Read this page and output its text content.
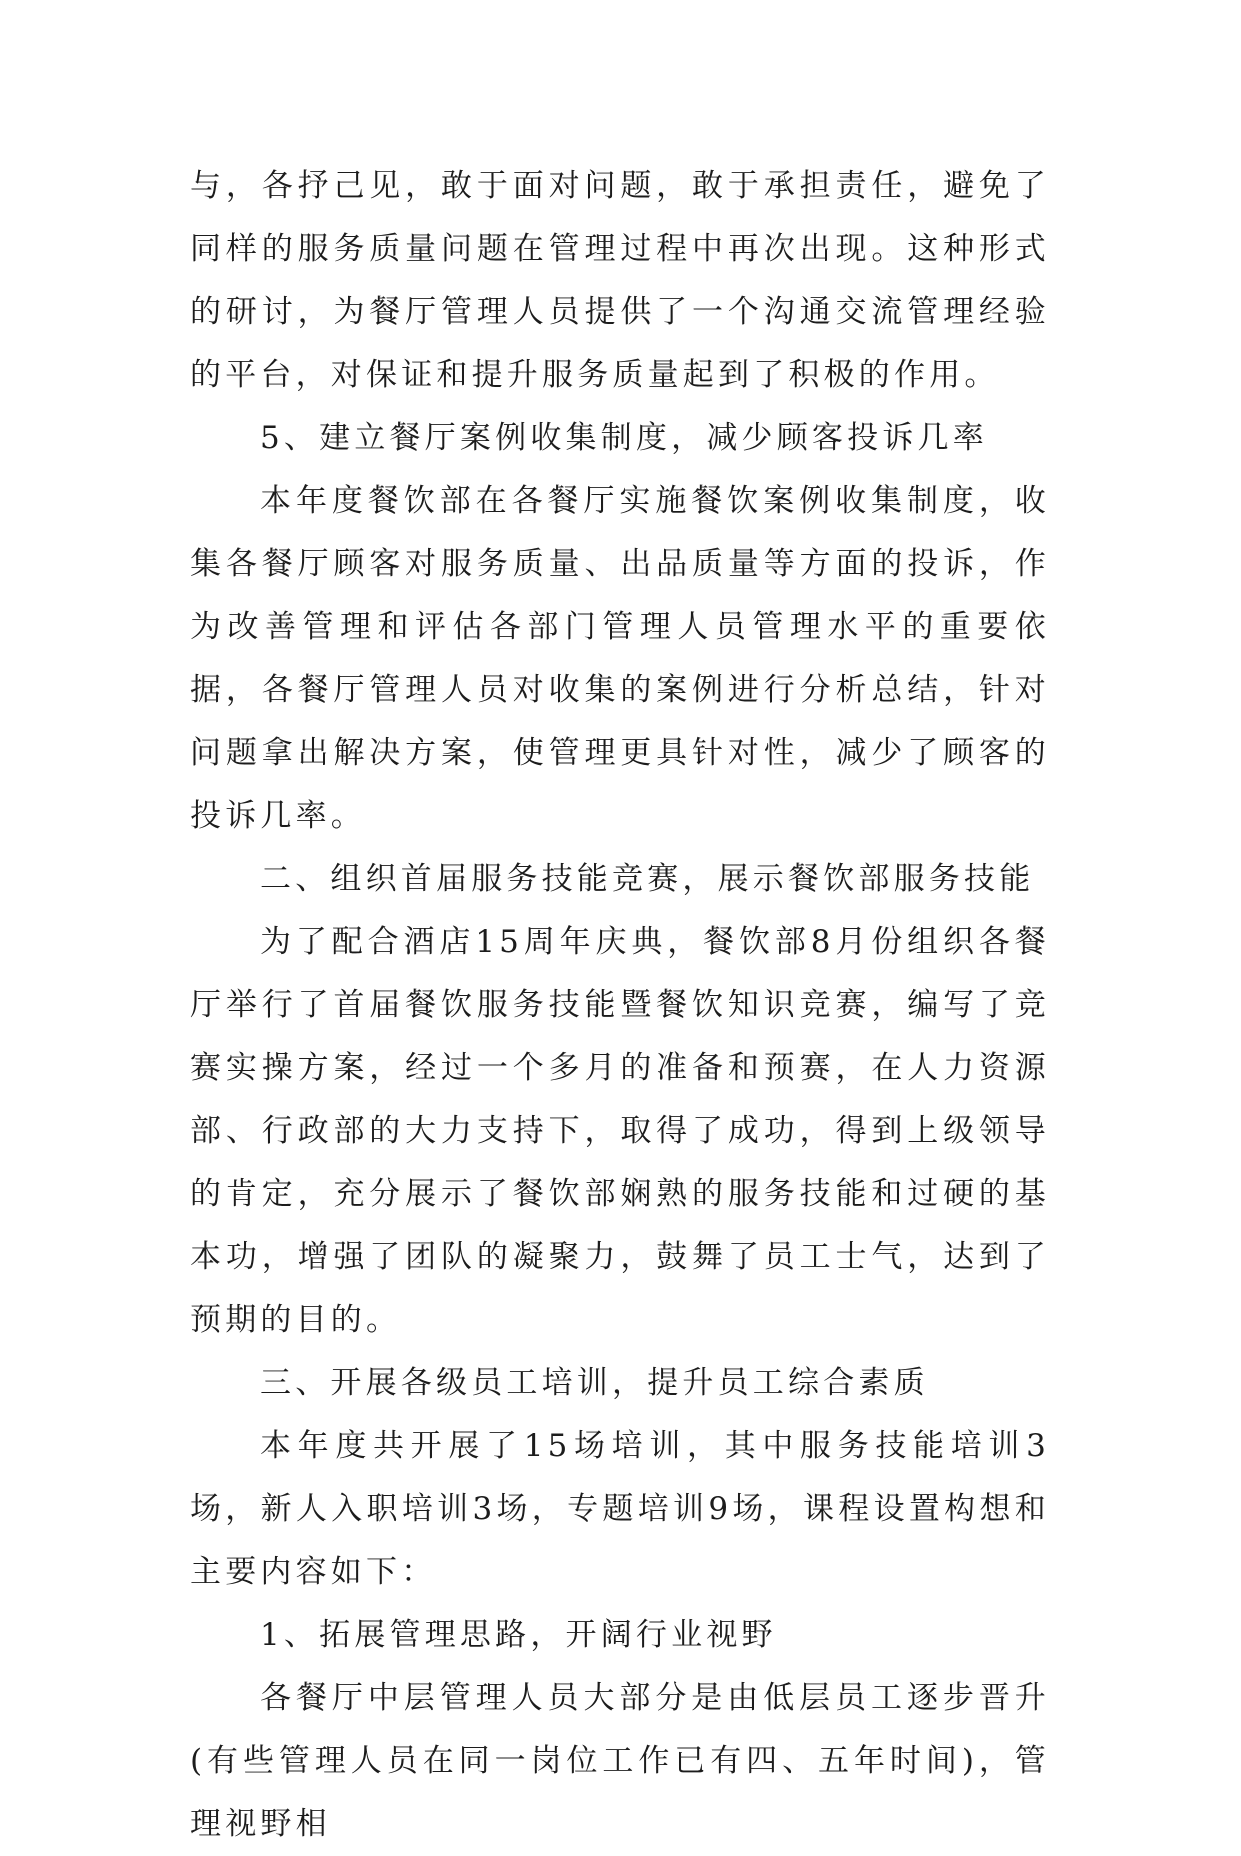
与，各抒己见，敢于面对问题，敢于承担责任，避免了同样的服务质量问题在管理过程中再次出现。这种形式的研讨，为餐厅管理人员提供了一个沟通交流管理经验的平台，对保证和提升服务质量起到了积极的作用。

5、建立餐厅案例收集制度，减少顾客投诉几率

本年度餐饮部在各餐厅实施餐饮案例收集制度，收集各餐厅顾客对服务质量、出品质量等方面的投诉，作为改善管理和评估各部门管理人员管理水平的重要依据，各餐厅管理人员对收集的案例进行分析总结，针对问题拿出解决方案，使管理更具针对性，减少了顾客的投诉几率。

二、组织首届服务技能竞赛，展示餐饮部服务技能

为了配合酒店15周年庆典，餐饮部8月份组织各餐厅举行了首届餐饮服务技能暨餐饮知识竞赛，编写了竞赛实操方案，经过一个多月的准备和预赛，在人力资源部、行政部的大力支持下，取得了成功，得到上级领导的肯定，充分展示了餐饮部娴熟的服务技能和过硬的基本功，增强了团队的凝聚力，鼓舞了员工士气，达到了预期的目的。

三、开展各级员工培训，提升员工综合素质

本年度共开展了15场培训，其中服务技能培训3场，新人入职培训3场，专题培训9场，课程设置构想和主要内容如下：

1、拓展管理思路，开阔行业视野

各餐厅中层管理人员大部分是由低层员工逐步晋升(有些管理人员在同一岗位工作已有四、五年时间)，管理视野相
